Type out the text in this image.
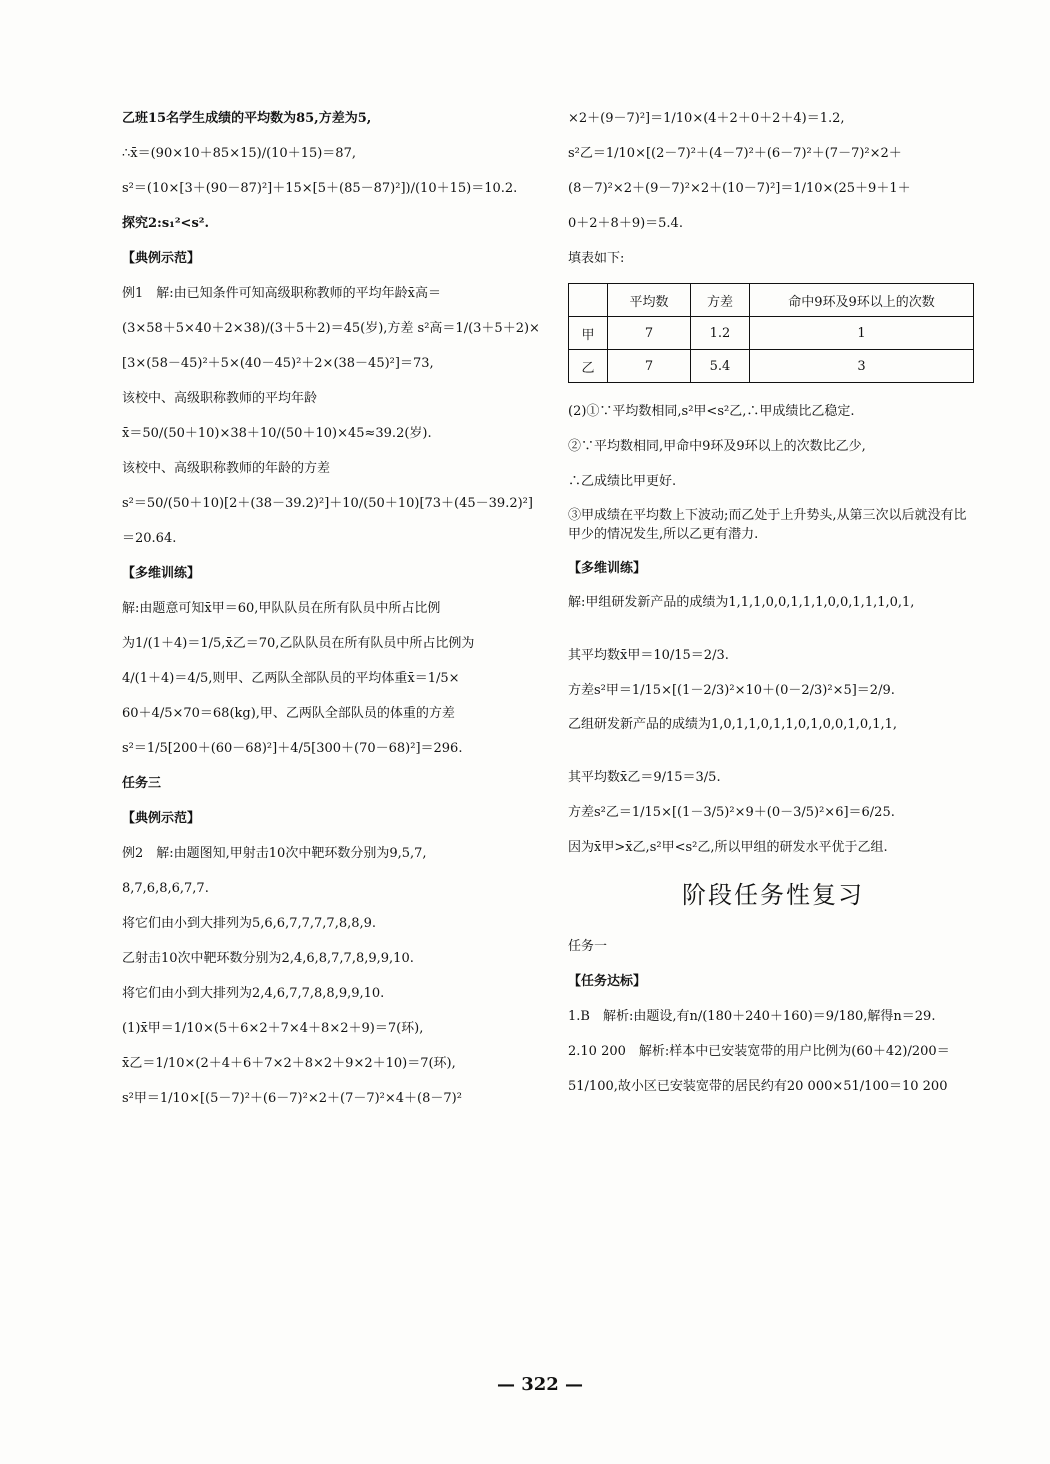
乙班15名学生成绩的平均数为85,方差为5,
∴x̄＝(90×10＋85×15)/(10＋15)＝87,
s²＝(10×[3＋(90－87)²]＋15×[5＋(85－87)²])/(10＋15)＝10.2.
探究2:s₁²<s².
【典例示范】
例1　解:由已知条件可知高级职称教师的平均年龄x̄高＝
(3×58＋5×40＋2×38)/(3＋5＋2)＝45(岁),方差 s²高＝1/(3＋5＋2)×
[3×(58－45)²＋5×(40－45)²＋2×(38－45)²]＝73,
该校中、高级职称教师的平均年龄
x̄＝50/(50＋10)×38＋10/(50＋10)×45≈39.2(岁).
该校中、高级职称教师的年龄的方差
s²＝50/(50＋10)[2＋(38－39.2)²]＋10/(50＋10)[73＋(45－39.2)²]
＝20.64.
【多维训练】
解:由题意可知x̄甲＝60,甲队队员在所有队员中所占比例
为1/(1＋4)＝1/5,x̄乙＝70,乙队队员在所有队员中所占比例为
4/(1＋4)＝4/5,则甲、乙两队全部队员的平均体重x̄＝1/5×
60＋4/5×70＝68(kg),甲、乙两队全部队员的体重的方差
s²＝1/5[200＋(60－68)²]＋4/5[300＋(70－68)²]＝296.
任务三
【典例示范】
例2　解:由题图知,甲射击10次中靶环数分别为9,5,7,
8,7,6,8,6,7,7.
将它们由小到大排列为5,6,6,7,7,7,7,8,8,9.
乙射击10次中靶环数分别为2,4,6,8,7,7,8,9,9,10.
将它们由小到大排列为2,4,6,7,7,8,8,9,9,10.
(1)x̄甲＝1/10×(5＋6×2＋7×4＋8×2＋9)＝7(环),
x̄乙＝1/10×(2＋4＋6＋7×2＋8×2＋9×2＋10)＝7(环),
s²甲＝1/10×[(5－7)²＋(6－7)²×2＋(7－7)²×4＋(8－7)²
×2＋(9－7)²]＝1/10×(4＋2＋0＋2＋4)＝1.2,
s²乙＝1/10×[(2－7)²＋(4－7)²＋(6－7)²＋(7－7)²×2＋
(8－7)²×2＋(9－7)²×2＋(10－7)²]＝1/10×(25＋9＋1＋
0＋2＋8＋9)＝5.4.
填表如下:
	平均数	方差	命中9环及9环以上的次数
甲	7	1.2	1
乙	7	5.4	3
(2)①∵平均数相同,s²甲<s²乙,∴甲成绩比乙稳定.
②∵平均数相同,甲命中9环及9环以上的次数比乙少,
∴乙成绩比甲更好.
③甲成绩在平均数上下波动;而乙处于上升势头,从第三次以后就没有比甲少的情况发生,所以乙更有潜力.
【多维训练】
解:甲组研发新产品的成绩为1,1,1,0,0,1,1,1,0,0,1,1,1,0,1,
其平均数x̄甲＝10/15＝2/3.
方差s²甲＝1/15×[(1－2/3)²×10＋(0－2/3)²×5]＝2/9.
乙组研发新产品的成绩为1,0,1,1,0,1,1,0,1,0,0,1,0,1,1,
其平均数x̄乙＝9/15＝3/5.
方差s²乙＝1/15×[(1－3/5)²×9＋(0－3/5)²×6]＝6/25.
因为x̄甲>x̄乙,s²甲<s²乙,所以甲组的研发水平优于乙组.
阶段任务性复习
任务一
【任务达标】
1.B　解析:由题设,有n/(180＋240＋160)＝9/180,解得n＝29.
2.10 200　解析:样本中已安装宽带的用户比例为(60＋42)/200＝
51/100,故小区已安装宽带的居民约有20 000×51/100＝10 200
— 322 —
